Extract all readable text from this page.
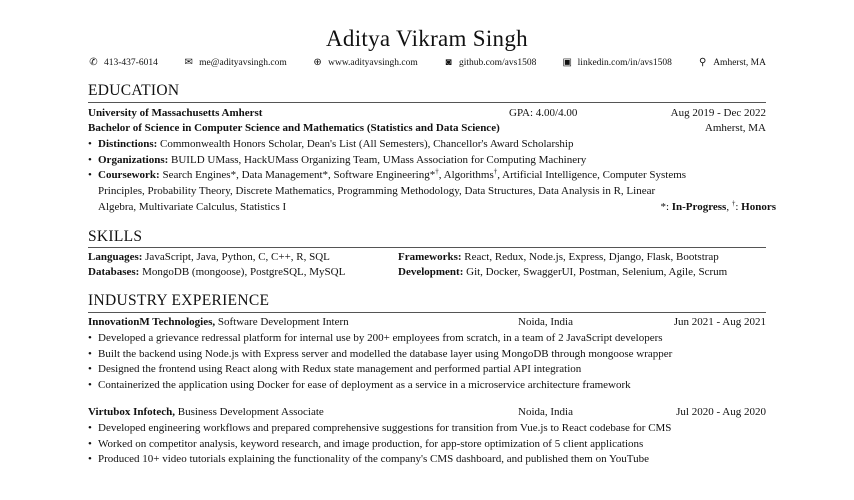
Aditya Vikram Singh
✆ 413-437-6014	✉ me@adityavsingh.com	⊕ www.adityavsingh.com	◙ github.com/avs1508	▣ linkedin.com/in/avs1508	⚲ Amherst, MA
EDUCATION
University of Massachusetts Amherst	GPA: 4.00/4.00	Aug 2019 - Dec 2022
Bachelor of Science in Computer Science and Mathematics (Statistics and Data Science)	Amherst, MA
• Distinctions: Commonwealth Honors Scholar, Dean's List (All Semesters), Chancellor's Award Scholarship
• Organizations: BUILD UMass, HackUMass Organizing Team, UMass Association for Computing Machinery
• Coursework: Search Engines*, Data Management*, Software Engineering*†, Algorithms†, Artificial Intelligence, Computer Systems
Principles, Probability Theory, Discrete Mathematics, Programming Methodology, Data Structures, Data Analysis in R, Linear
Algebra, Multivariate Calculus, Statistics I	*: In-Progress, †: Honors
SKILLS
Languages: JavaScript, Java, Python, C, C++, R, SQL	Frameworks: React, Redux, Node.js, Express, Django, Flask, Bootstrap
Databases: MongoDB (mongoose), PostgreSQL, MySQL	Development: Git, Docker, SwaggerUI, Postman, Selenium, Agile, Scrum
INDUSTRY EXPERIENCE
InnovationM Technologies, Software Development Intern	Noida, India	Jun 2021 - Aug 2021
• Developed a grievance redressal platform for internal use by 200+ employees from scratch, in a team of 2 JavaScript developers
• Built the backend using Node.js with Express server and modelled the database layer using MongoDB through mongoose wrapper
• Designed the frontend using React along with Redux state management and performed partial API integration
• Containerized the application using Docker for ease of deployment as a service in a microservice architecture framework
Virtubox Infotech, Business Development Associate	Noida, India	Jul 2020 - Aug 2020
• Developed engineering workflows and prepared comprehensive suggestions for transition from Vue.js to React codebase for CMS
• Worked on competitor analysis, keyword research, and image production, for app-store optimization of 5 client applications
• Produced 10+ video tutorials explaining the functionality of the company's CMS dashboard, and published them on YouTube
